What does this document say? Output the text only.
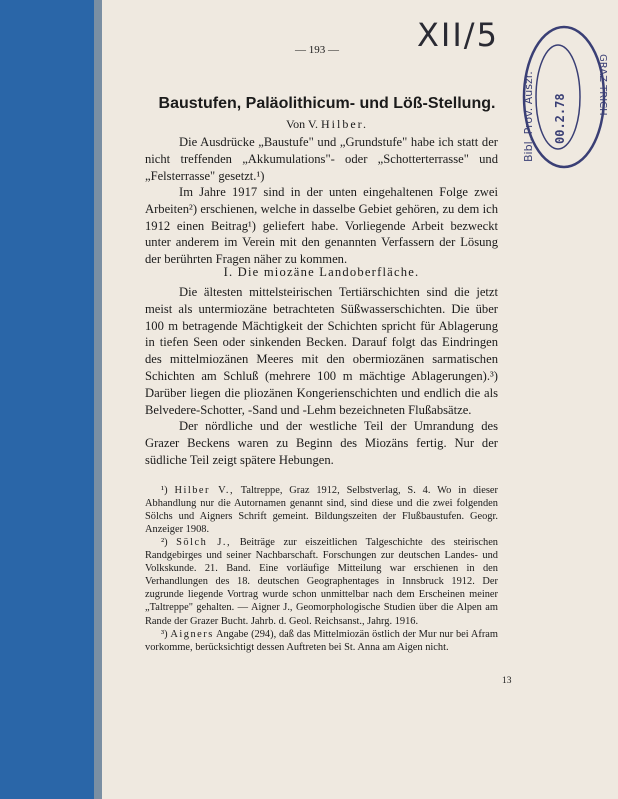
— 193 —	XII/5
Bibl. Prov. Auszr. 00.2.78
GRAZ TRICH
Baustufen, Paläolithicum- und Löß-Stellung.
Von V. Hilber.

Die Ausdrücke „Baustufe" und „Grundstufe" habe ich statt der nicht treffenden „Akkumulations"- oder „Schotterterrasse" und „Felsterrasse" gesetzt.¹)

Im Jahre 1917 sind in der unten eingehaltenen Folge zwei Arbeiten²) erschienen, welche in dasselbe Gebiet gehören, zu dem ich 1912 einen Beitrag¹) geliefert habe. Vorliegende Arbeit bezweckt unter anderem im Verein mit den genannten Verfassern der Lösung der berührten Fragen näher zu kommen.

I. Die miozäne Landoberfläche.

Die ältesten mittelsteirischen Tertiärschichten sind die jetzt meist als untermiozäne betrachteten Süßwasserschichten. Die über 100 m betragende Mächtigkeit der Schichten spricht für Ablagerung in tiefen Seen oder sinkenden Becken. Darauf folgt das Eindringen des mittelmiozänen Meeres mit den obermiozänen sarmatischen Schichten am Schluß (mehrere 100 m mächtige Ablagerungen).³) Darüber liegen die pliozänen Kongerienschichten und endlich die als Belvedere-Schotter, -Sand und -Lehm bezeichneten Flußabsätze.

Der nördliche und der westliche Teil der Umrandung des Grazer Beckens waren zu Beginn des Miozäns fertig. Nur der südliche Teil zeigt spätere Hebungen.

¹) Hilber V., Taltreppe, Graz 1912, Selbstverlag, S. 4. Wo in dieser Abhandlung nur die Autornamen genannt sind, sind diese und die zwei folgenden Sölchs und Aigners Schrift gemeint. Bildungszeiten der Flußbaustufen. Geogr. Anzeiger 1908.

²) Sölch J., Beiträge zur eiszeitlichen Talgeschichte des steirischen Randgebirges und seiner Nachbarschaft. Forschungen zur deutschen Landes- und Volkskunde. 21. Band. Eine vorläufige Mitteilung war erschienen in den Verhandlungen des 18. deutschen Geographentages in Innsbruck 1912. Der zugrunde liegende Vortrag wurde schon unmittelbar nach dem Erscheinen meiner „Taltreppe" gehalten. — Aigner J., Geomorphologische Studien über die Alpen am Rande der Grazer Bucht. Jahrb. d. Geol. Reichsanst., Jahrg. 1916.

³) Aigners Angabe (294), daß das Mittelmiozän östlich der Mur nur bei Afram vorkomme, berücksichtigt dessen Auftreten bei St. Anna am Aigen nicht.

13
